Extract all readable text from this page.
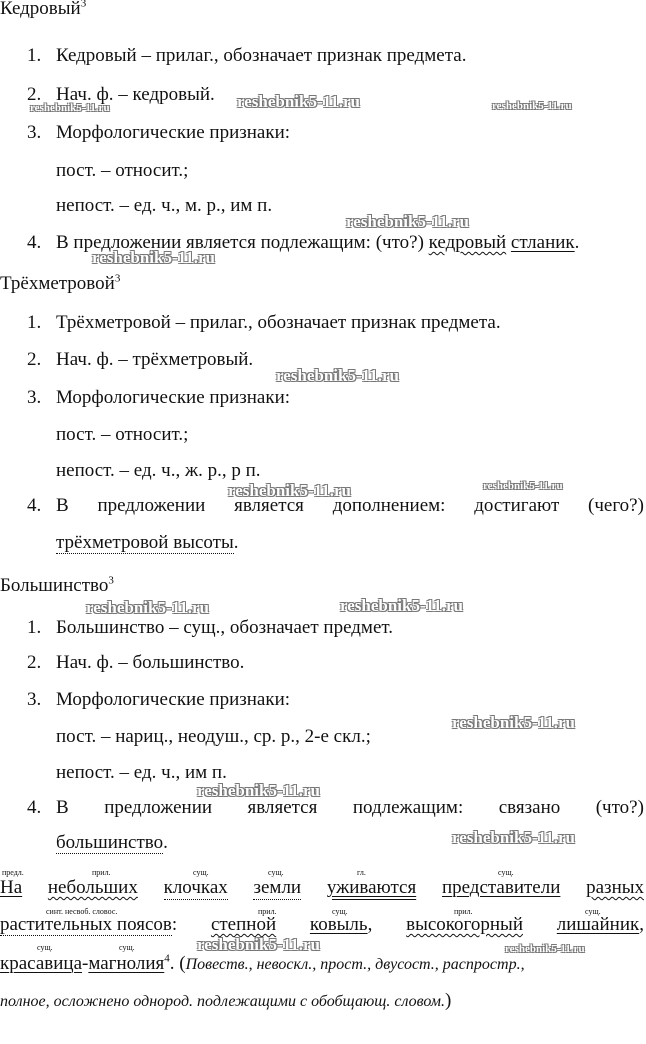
Кедровый$^3$
1. Кедровый – прилаг., обозначает признак предмета.
2. Нач. ф. – кедровый.
3. Морфологические признаки:
пост. – относит.;
непост. – ед. ч., м. р., им п.
4. В предложении является подлежащим: (что?) кедровый стланик.
Трёхметровой$^3$
1. Трёхметровой – прилаг., обозначает признак предмета.
2. Нач. ф. – трёхметровый.
3. Морфологические признаки:
пост. – относит.;
непост. – ед. ч., ж. р., р п.
4. В предложении является дополнением: достигают (чего?)
трёхметровой высоты.
Большинство$^3$
1. Большинство – сущ., обозначает предмет.
2. Нач. ф. – большинство.
3. Морфологические признаки:
пост. – нариц., неодуш., ср. р., 2-е скл.;
непост. – ед. ч., им п.
4. В предложении является подлежащим: связано (что?)
большинство.
предл.	прил.	сущ.	сущ.	гл.	сущ.
На небольших клочках земли уживаются представители разных
синт. несвоб. словос.	прил.	сущ.	прил.	сущ.
растительных поясов: степной ковыль, высокогорный лишайник,
сущ.	сущ.
красавица-магнолия$^4$. (Повеств., невоскл., прост., двусост., распростр.,
полное, осложнено однород. подлежащими с обобщающ. словом.)
reshebnik5-11.ru
reshebnik5-11.ru	reshebnik5-11.ru
reshebnik5-11.ru
reshebnik5-11.ru
reshebnik5-11.ru
reshebnik5-11.ru
reshebnik5-11.ru
reshebnik5-11.ru	reshebnik5-11.ru
reshebnik5-11.ru
reshebnik5-11.ru
reshebnik5-11.ru
reshebnik5-11.ru	reshebnik5-11.ru
